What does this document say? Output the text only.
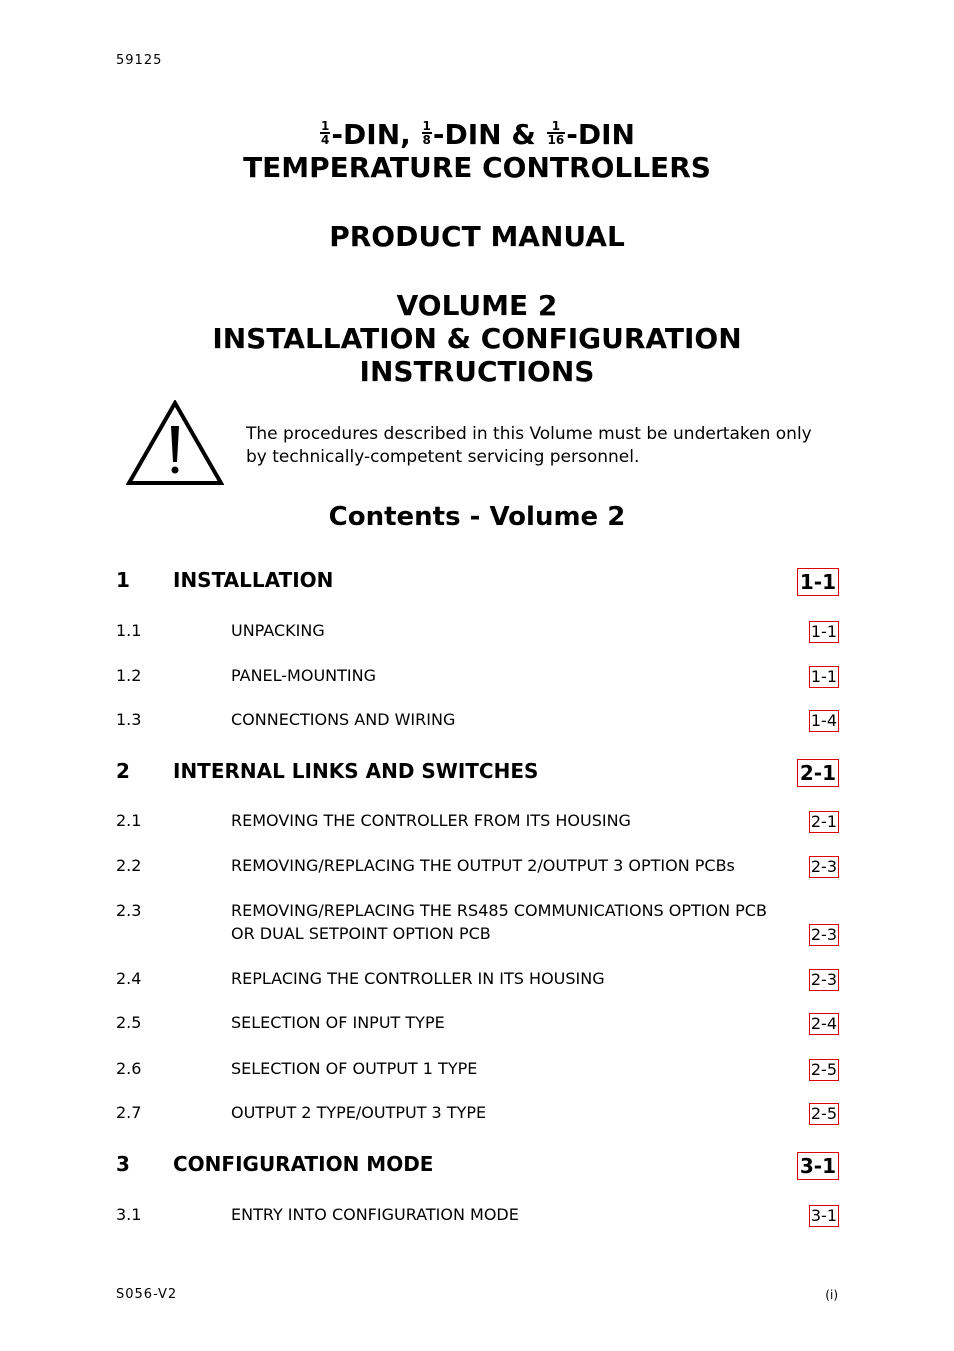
59125
$\frac{1}{4} -DIN$, $\frac{1}{8} -DIN$ & $\frac{1}{16} -DIN$
TEMPERATURE CONTROLLERS
PRODUCT MANUAL
VOLUME 2
INSTALLATION & CONFIGURATION
INSTRUCTIONS
The procedures described in this Volume must be undertaken only
by technically-competent servicing personnel.
Contents - Volume 2
1 INSTALLATION	1-1
1.1	UNPACKING	1-1
1.2	PANEL-MOUNTING	1-1
1.3	CONNECTIONS AND WIRING	1-4
2 INTERNAL LINKS AND SWITCHES	2-1
2.1	REMOVING THE CONTROLLER FROM ITS HOUSING	2-1
2.2	REMOVING/REPLACING THE OUTPUT 2/OUTPUT 3 OPTION PCBs	2-3
2.3	REMOVING/REPLACING THE RS485 COMMUNICATIONS OPTION PCB
OR DUAL SETPOINT OPTION PCB	2-3
2.4	REPLACING THE CONTROLLER IN ITS HOUSING	2-3
2.5	SELECTION OF INPUT TYPE	2-4
2.6	SELECTION OF OUTPUT 1 TYPE	2-5
2.7	OUTPUT 2 TYPE/OUTPUT 3 TYPE	2-5
3 CONFIGURATION MODE	3-1
3.1	ENTRY INTO CONFIGURATION MODE	3-1
S056-V2	(i)
